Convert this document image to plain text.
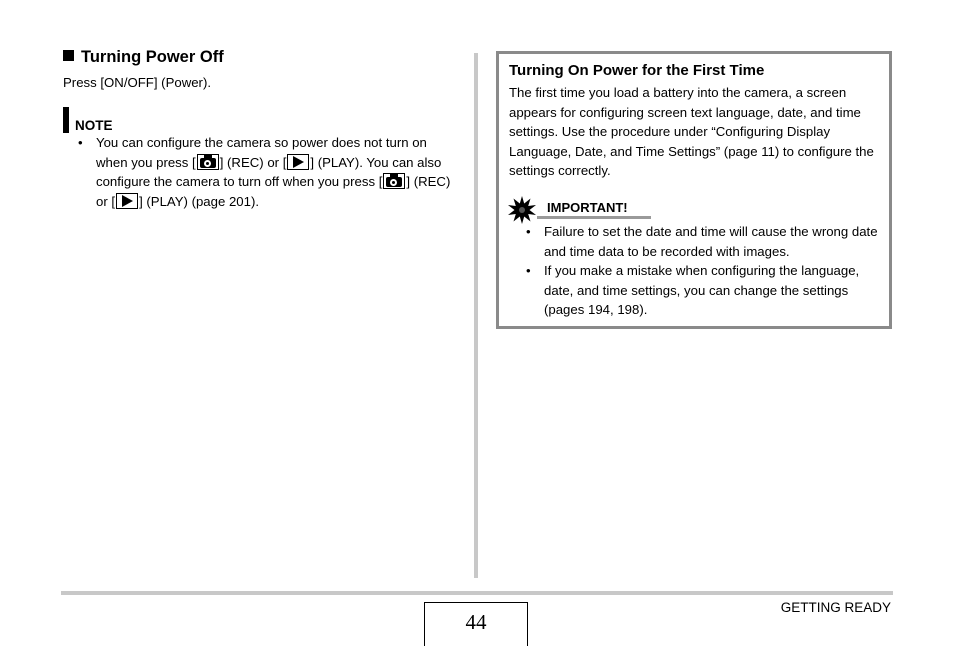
Turning Power Off
Press [ON/OFF] (Power).
NOTE
• You can configure the camera so power does not turn on when you press [ ] (REC) or [ ] (PLAY). You can also configure the camera to turn off when you press [ ] (REC) or [ ] (PLAY) (page 201).
Turning On Power for the First Time
The first time you load a battery into the camera, a screen appears for configuring screen text language, date, and time settings. Use the procedure under “Configuring Display Language, Date, and Time Settings” (page 11) to configure the settings correctly.
IMPORTANT!
• Failure to set the date and time will cause the wrong date and time data to be recorded with images.
• If you make a mistake when configuring the language, date, and time settings, you can change the settings (pages 194, 198).
44
GETTING READY
